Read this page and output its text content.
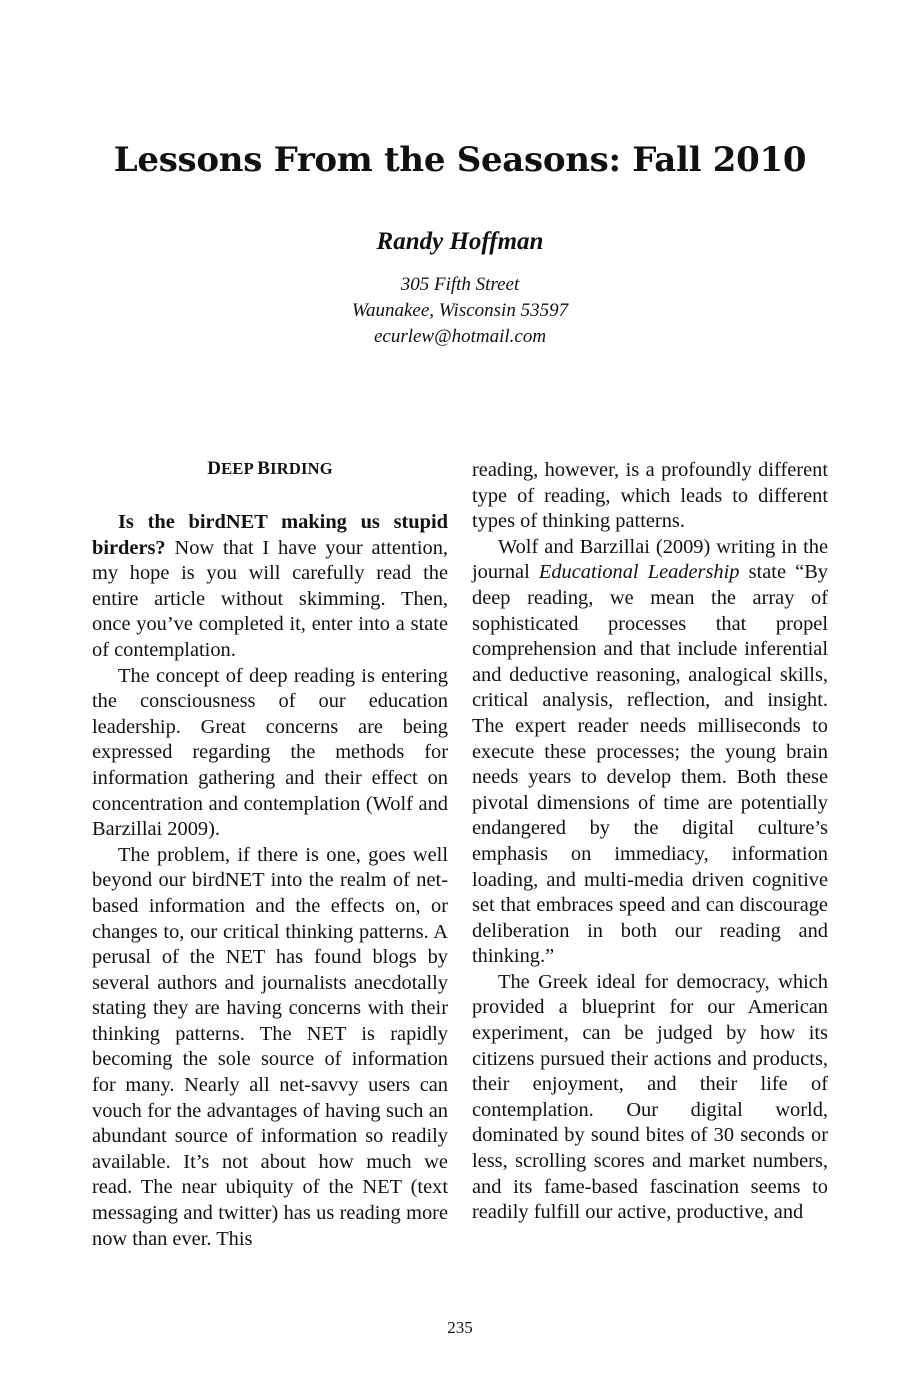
Lessons From the Seasons: Fall 2010
Randy Hoffman
305 Fifth Street
Waunakee, Wisconsin 53597
ecurlew@hotmail.com
DEEP BIRDING

Is the birdNET making us stupid birders? Now that I have your attention, my hope is you will carefully read the entire article without skimming. Then, once you’ve completed it, enter into a state of contemplation.

The concept of deep reading is entering the consciousness of our education leadership. Great concerns are being expressed regarding the methods for information gathering and their effect on concentration and contemplation (Wolf and Barzillai 2009).

The problem, if there is one, goes well beyond our birdNET into the realm of net-based information and the effects on, or changes to, our critical thinking patterns. A perusal of the NET has found blogs by several authors and journalists anecdotally stating they are having concerns with their thinking patterns. The NET is rapidly becoming the sole source of information for many. Nearly all net-savvy users can vouch for the advantages of having such an abundant source of information so readily available. It’s not about how much we read. The near ubiquity of the NET (text messaging and twitter) has us reading more now than ever. This

reading, however, is a profoundly different type of reading, which leads to different types of thinking patterns.

Wolf and Barzillai (2009) writing in the journal Educational Leadership state “By deep reading, we mean the array of sophisticated processes that propel comprehension and that include inferential and deductive reasoning, analogical skills, critical analysis, reflection, and insight. The expert reader needs milliseconds to execute these processes; the young brain needs years to develop them. Both these pivotal dimensions of time are potentially endangered by the digital culture’s emphasis on immediacy, information loading, and multi-media driven cognitive set that embraces speed and can discourage deliberation in both our reading and thinking.”

The Greek ideal for democracy, which provided a blueprint for our American experiment, can be judged by how its citizens pursued their actions and products, their enjoyment, and their life of contemplation. Our digital world, dominated by sound bites of 30 seconds or less, scrolling scores and market numbers, and its fame-based fascination seems to readily fulfill our active, productive, and

235
